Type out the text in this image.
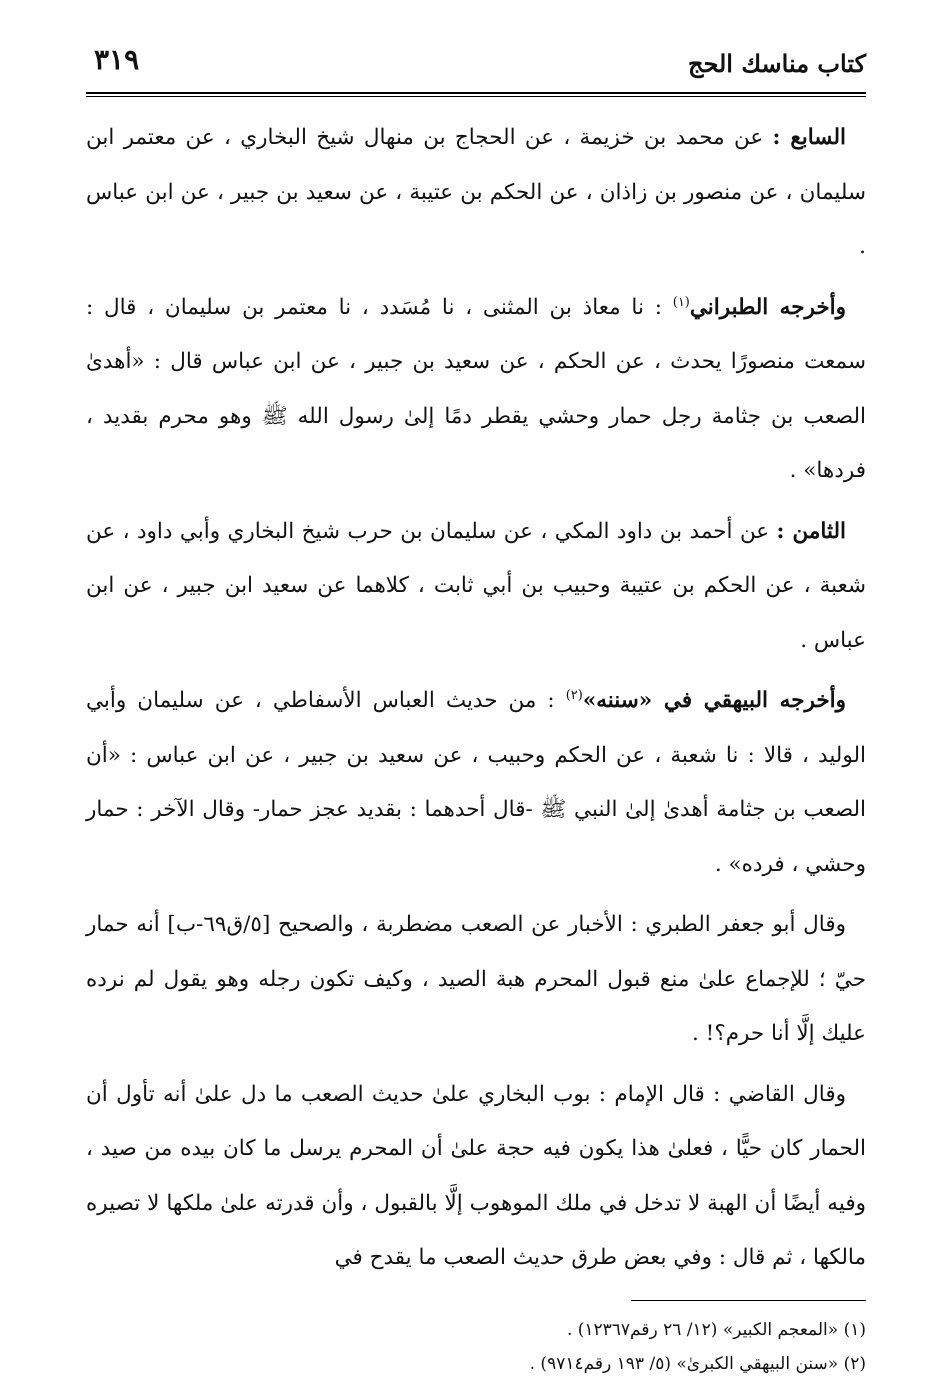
كتاب مناسك الحج
٣١٩

السابع : عن محمد بن خزيمة ، عن الحجاج بن منهال شيخ البخاري ، عن معتمر ابن سليمان ، عن منصور بن زاذان ، عن الحكم بن عتيبة ، عن سعيد بن جبير ، عن ابن عباس .

وأخرجه الطبراني$^{(١)}$ : نا معاذ بن المثنى ، نا مُسَدد ، نا معتمر بن سليمان ، قال : سمعت منصورًا يحدث ، عن الحكم ، عن سعيد بن جبير ، عن ابن عباس قال : «أهدىٰ الصعب بن جثامة رجل حمار وحشي يقطر دمًا إلىٰ رسول الله ﷺ وهو محرم بقديد ، فردها» .

الثامن : عن أحمد بن داود المكي ، عن سليمان بن حرب شيخ البخاري وأبي داود ، عن شعبة ، عن الحكم بن عتيبة وحبيب بن أبي ثابت ، كلاهما عن سعيد ابن جبير ، عن ابن عباس .

وأخرجه البيهقي في «سننه»$^{(٢)}$ : من حديث العباس الأسفاطي ، عن سليمان وأبي الوليد ، قالا : نا شعبة ، عن الحكم وحبيب ، عن سعيد بن جبير ، عن ابن عباس : «أن الصعب بن جثامة أهدىٰ إلىٰ النبي ﷺ -قال أحدهما : بقديد عجز حمار- وقال الآخر : حمار وحشي ، فرده» .

وقال أبو جعفر الطبري : الأخبار عن الصعب مضطربة ، والصحيح [٥/ق٦٩-ب] أنه حمار حيّ ؛ للإجماع علىٰ منع قبول المحرم هبة الصيد ، وكيف تكون رجله وهو يقول لم نرده عليك إلَّا أنا حرم؟! .

وقال القاضي : قال الإمام : بوب البخاري علىٰ حديث الصعب ما دل علىٰ أنه تأول أن الحمار كان حيًّا ، فعلىٰ هذا يكون فيه حجة علىٰ أن المحرم يرسل ما كان بيده من صيد ، وفيه أيضًا أن الهبة لا تدخل في ملك الموهوب إلَّا بالقبول ، وأن قدرته علىٰ ملكها لا تصيره مالكها ، ثم قال : وفي بعض طرق حديث الصعب ما يقدح في

(١) «المعجم الكبير» (١٢/ ٢٦ رقم١٢٣٦٧) .

(٢) «سنن البيهقي الكبرىٰ» (٥/ ١٩٣ رقم٩٧١٤) .
